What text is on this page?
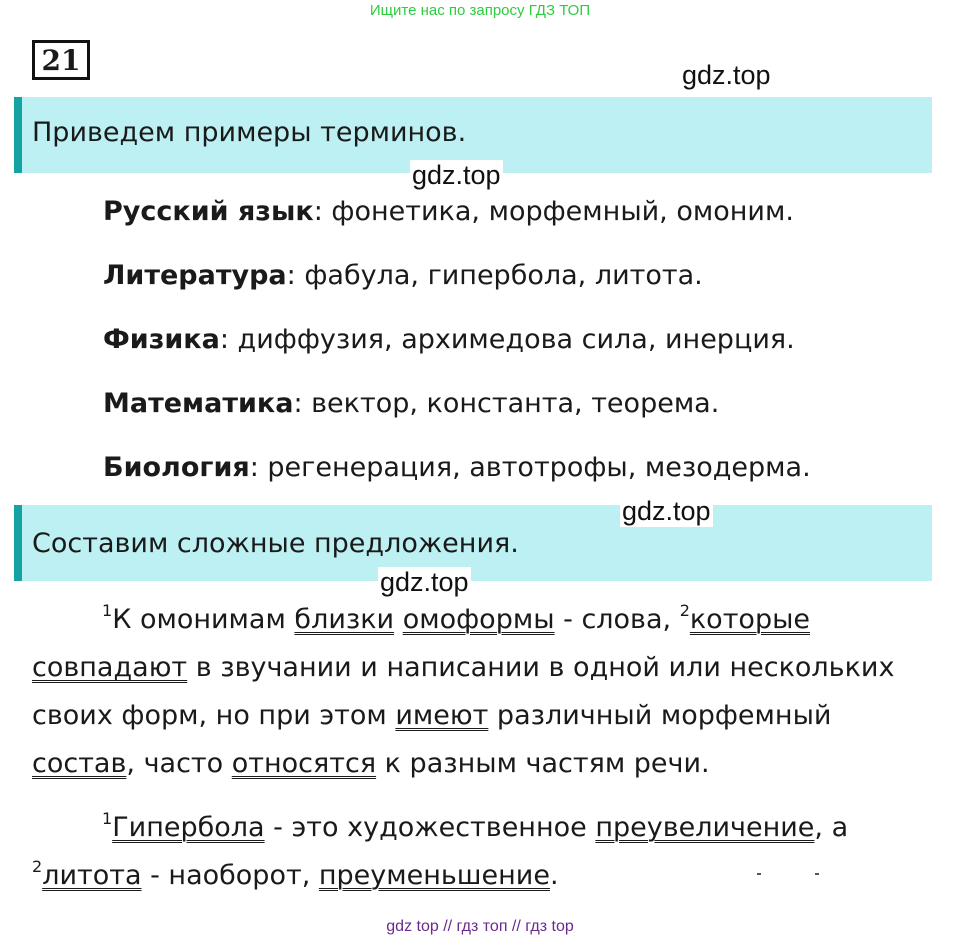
Ищите нас по запросу ГДЗ ТОП
21	gdz.top
Приведем примеры терминов.
gdz.top
Русский язык: фонетика, морфемный, омоним.
Литература: фабула, гипербола, литота.
Физика: диффузия, архимедова сила, инерция.
Математика: вектор, константа, теорема.
Биология: регенерация, автотрофы, мезодерма.
Составим сложные предложения.
gdz.top
gdz.top
$^1$К омонимам близки омоформы - слова, $^2$которые
совпадают в звучании и написании в одной или нескольких
своих форм, но при этом имеют различный морфемный
состав, часто относятся к разным частям речи.
$^1$Гипербола - это художественное преувеличение, а
$^2$литота - наоборот, преуменьшение.
gdz top // гдз топ // гдз top
